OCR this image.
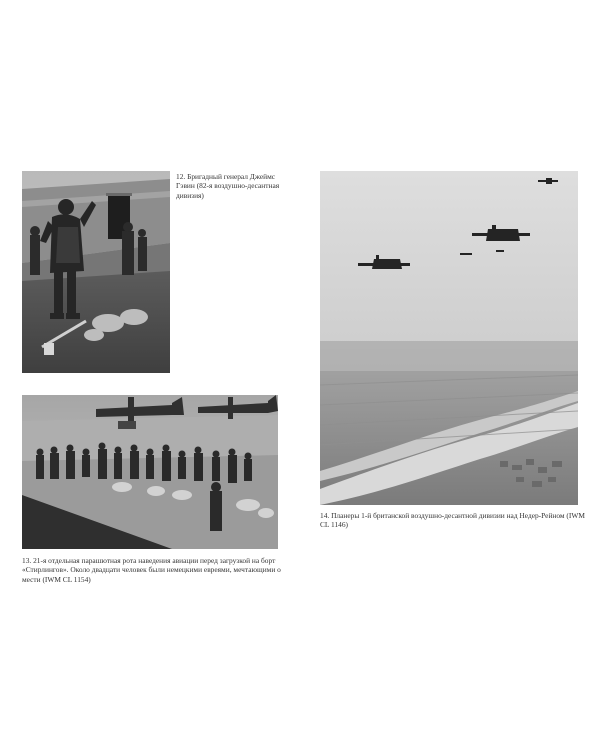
12. Бригадный генерал Джеймс Гэвин (82-я воздушно-десантная дивизия)

13. 21-я отдельная парашютная рота наведения авиации перед загрузкой на борт «Стирлингов». Около двадцати человек были немецкими евреями, мечтающими о мести (IWM CL 1154)

14. Планеры 1-й британской воздушно-десантной дивизии над Недер-Рейном (IWM CL 1146)
